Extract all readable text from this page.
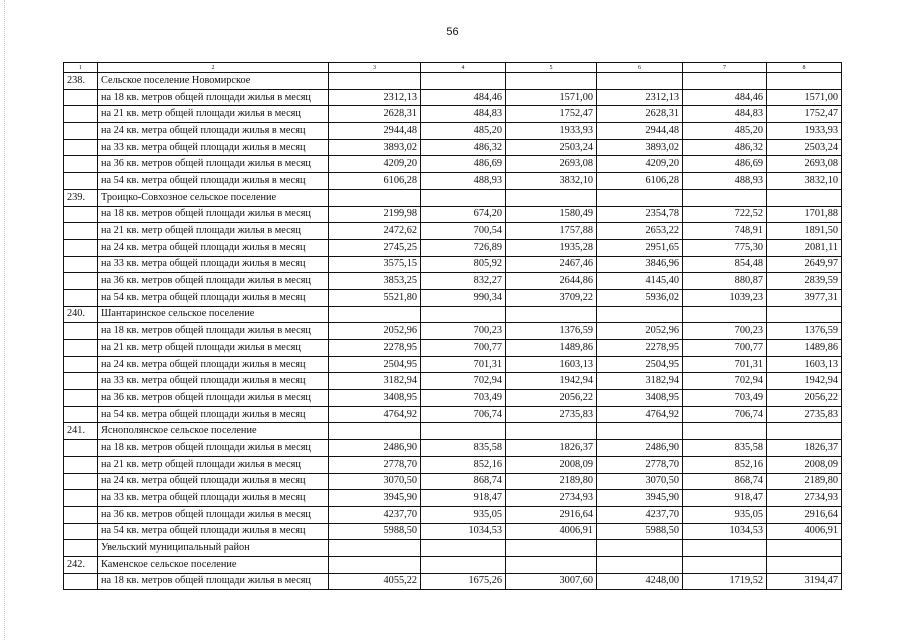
56
1	2	3	4	5	6	7	8
238.	Сельское поселение Новомирское						
	на 18 кв. метров общей площади жилья в месяц	2312,13	484,46	1571,00	2312,13	484,46	1571,00
	на 21 кв. метр общей площади жилья в месяц	2628,31	484,83	1752,47	2628,31	484,83	1752,47
	на 24 кв. метра общей площади жилья в месяц	2944,48	485,20	1933,93	2944,48	485,20	1933,93
	на 33 кв. метра общей площади жилья в месяц	3893,02	486,32	2503,24	3893,02	486,32	2503,24
	на 36 кв. метров общей площади жилья в месяц	4209,20	486,69	2693,08	4209,20	486,69	2693,08
	на 54 кв. метра общей площади жилья в месяц	6106,28	488,93	3832,10	6106,28	488,93	3832,10
239.	Троицко-Совхозное сельское поселение						
	на 18 кв. метров общей площади жилья в месяц	2199,98	674,20	1580,49	2354,78	722,52	1701,88
	на 21 кв. метр общей площади жилья в месяц	2472,62	700,54	1757,88	2653,22	748,91	1891,50
	на 24 кв. метра общей площади жилья в месяц	2745,25	726,89	1935,28	2951,65	775,30	2081,11
	на 33 кв. метра общей площади жилья в месяц	3575,15	805,92	2467,46	3846,96	854,48	2649,97
	на 36 кв. метров общей площади жилья в месяц	3853,25	832,27	2644,86	4145,40	880,87	2839,59
	на 54 кв. метра общей площади жилья в месяц	5521,80	990,34	3709,22	5936,02	1039,23	3977,31
240.	Шантаринское сельское поселение						
	на 18 кв. метров общей площади жилья в месяц	2052,96	700,23	1376,59	2052,96	700,23	1376,59
	на 21 кв. метр общей площади жилья в месяц	2278,95	700,77	1489,86	2278,95	700,77	1489,86
	на 24 кв. метра общей площади жилья в месяц	2504,95	701,31	1603,13	2504,95	701,31	1603,13
	на 33 кв. метра общей площади жилья в месяц	3182,94	702,94	1942,94	3182,94	702,94	1942,94
	на 36 кв. метров общей площади жилья в месяц	3408,95	703,49	2056,22	3408,95	703,49	2056,22
	на 54 кв. метра общей площади жилья в месяц	4764,92	706,74	2735,83	4764,92	706,74	2735,83
241.	Яснополянское сельское поселение						
	на 18 кв. метров общей площади жилья в месяц	2486,90	835,58	1826,37	2486,90	835,58	1826,37
	на 21 кв. метр общей площади жилья в месяц	2778,70	852,16	2008,09	2778,70	852,16	2008,09
	на 24 кв. метра общей площади жилья в месяц	3070,50	868,74	2189,80	3070,50	868,74	2189,80
	на 33 кв. метра общей площади жилья в месяц	3945,90	918,47	2734,93	3945,90	918,47	2734,93
	на 36 кв. метров общей площади жилья в месяц	4237,70	935,05	2916,64	4237,70	935,05	2916,64
	на 54 кв. метра общей площади жилья в месяц	5988,50	1034,53	4006,91	5988,50	1034,53	4006,91
	Увельский муниципальный район						
242.	Каменское сельское поселение						
	на 18 кв. метров общей площади жилья в месяц	4055,22	1675,26	3007,60	4248,00	1719,52	3194,47
